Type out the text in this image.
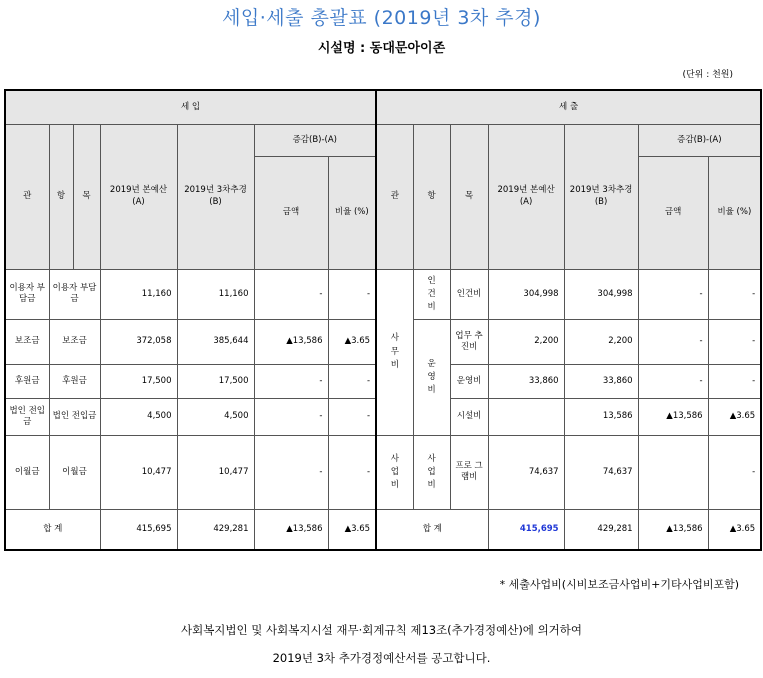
세입·세출 총괄표 (2019년 3차 추경)
시설명 : 동대문아이존
(단위 : 천원)
세 입							세 출						
관	항	목	2019년 본예산 (A)	2019년 3차추경 (B)	증감(B)-(A)		관	항	목	2019년 본예산 (A)	2019년 3차추경 (B)	증감(B)-(A)	
					금액	비율 (%)						금액	비율 (%)
이용자 부담금	이용자 부담금		11,160	11,160	-	-	사무비	인건비	인건비	304,998	304,998	-	-
보조금	보조금		372,058	385,644	▲13,586	▲3.65		운영비	업무 추진비	2,200	2,200	-	-
후원금	후원금		17,500	17,500	-	-			운영비	33,860	33,860	-	-
법인 전입금	법인 전입금		4,500	4,500	-	-			시설비		13,586	▲13,586	▲3.65
이월금	이월금		10,477	10,477	-	-	사업비	사업비	프로 그램비	74,637	74,637		-
합 계			415,695	429,281	▲13,586	▲3.65	합 계			415,695	429,281	▲13,586	▲3.65
* 세출사업비(시비보조금사업비+기타사업비포함)
사회복지법인 및 사회복지시설 재무·회계규칙 제13조(추가경정예산)에 의거하여
2019년 3차 추가경정예산서를 공고합니다.
